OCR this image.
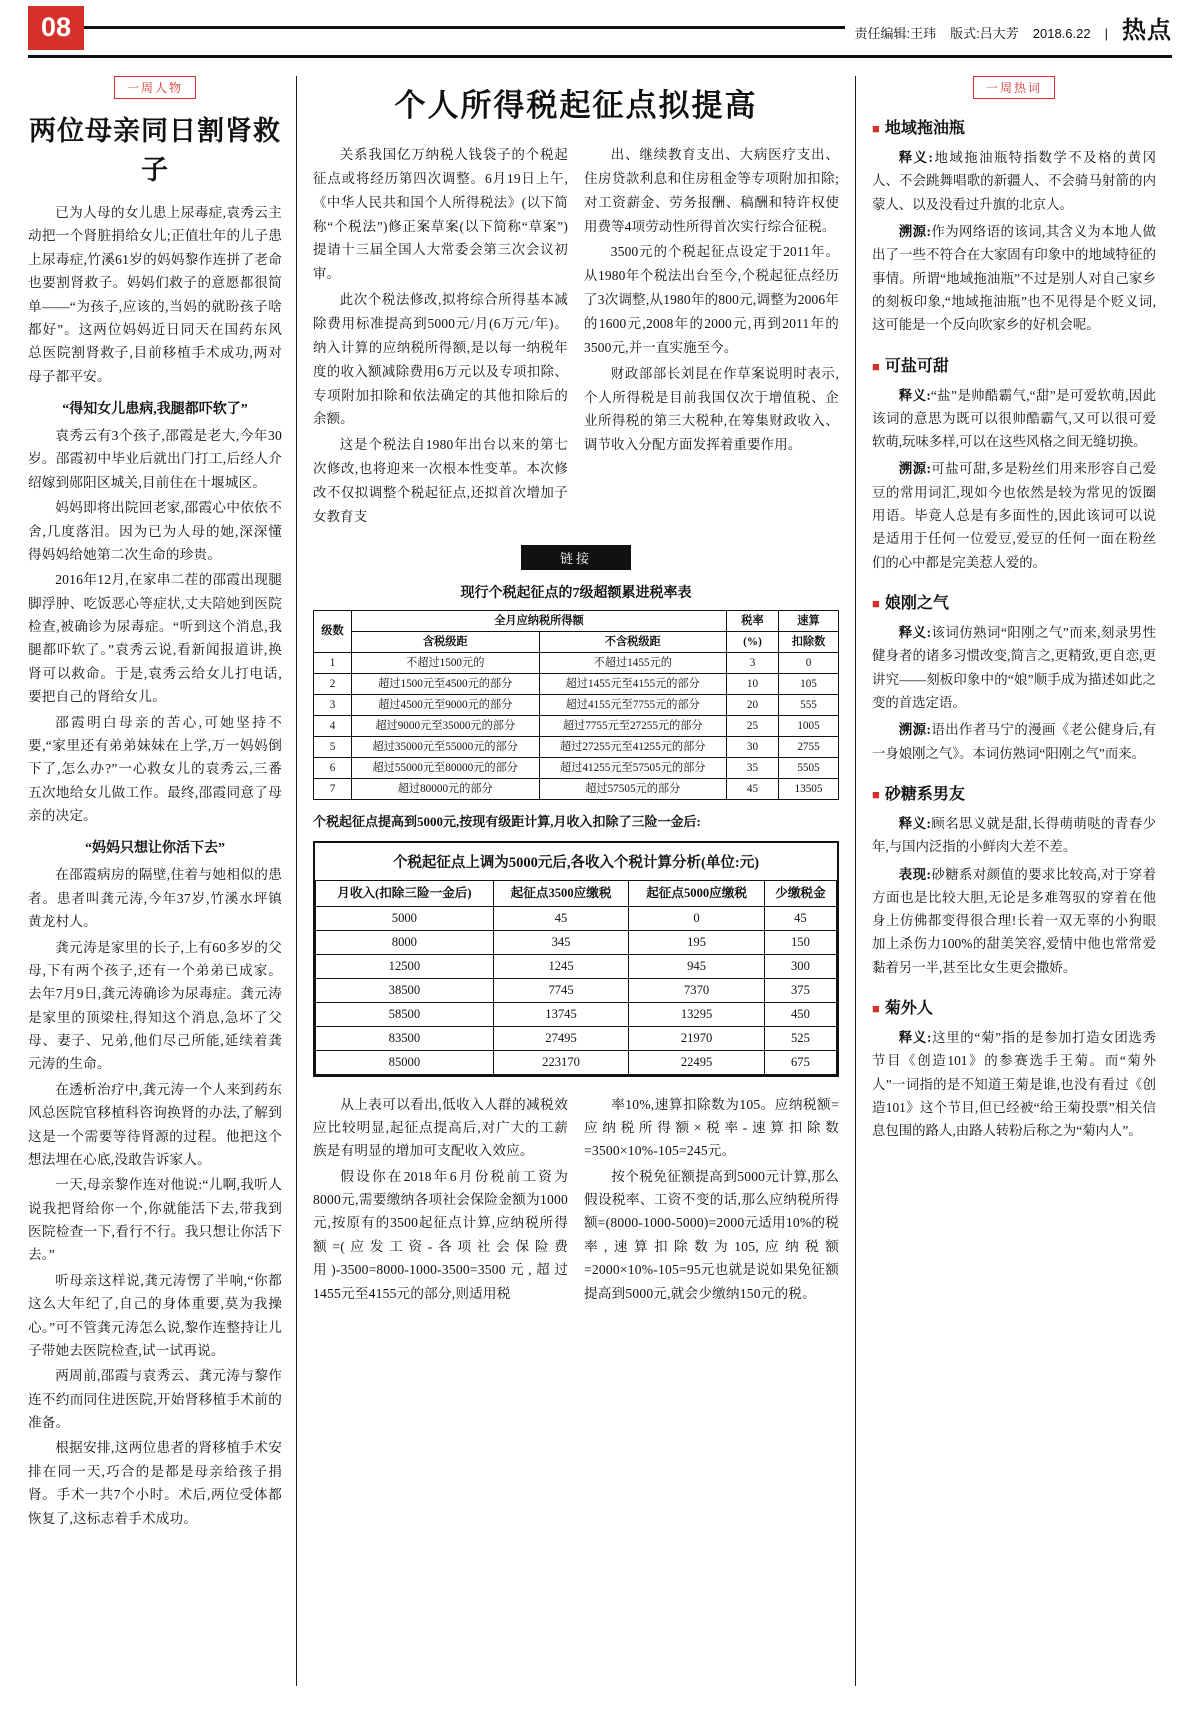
08	责任编辑:王玮 版式:吕大芳 2018.6.22 | 热点
一周人物
两位母亲同日割肾救子

已为人母的女儿患上尿毒症,袁秀云主动把一个肾脏捐给女儿;正值壮年的儿子患上尿毒症,竹溪61岁的妈妈黎作连拼了老命也要割肾救子。妈妈们救子的意愿都很简单——“为孩子,应该的,当妈的就盼孩子啥都好”。这两位妈妈近日同天在国药东风总医院割肾救子,目前移植手术成功,两对母子都平安。

“得知女儿患病,我腿都吓软了”

袁秀云有3个孩子,邵霞是老大,今年30岁。邵霞初中毕业后就出门打工,后经人介绍嫁到郧阳区城关,目前住在十堰城区。

妈妈即将出院回老家,邵霞心中依依不舍,几度落泪。因为已为人母的她,深深懂得妈妈给她第二次生命的珍贵。

2016年12月,在家串二茬的邵霞出现腿脚浮肿、吃饭恶心等症状,丈夫陪她到医院检查,被确诊为尿毒症。“听到这个消息,我腿都吓软了。”袁秀云说,看新闻报道讲,换肾可以救命。于是,袁秀云给女儿打电话,要把自己的肾给女儿。

邵霞明白母亲的苦心,可她坚持不要,“家里还有弟弟妹妹在上学,万一妈妈倒下了,怎么办?”一心救女儿的袁秀云,三番五次地给女儿做工作。最终,邵霞同意了母亲的决定。

“妈妈只想让你活下去”

在邵霞病房的隔壁,住着与她相似的患者。患者叫龚元涛,今年37岁,竹溪水坪镇黄龙村人。

龚元涛是家里的长子,上有60多岁的父母,下有两个孩子,还有一个弟弟已成家。去年7月9日,龚元涛确诊为尿毒症。龚元涛是家里的顶梁柱,得知这个消息,急坏了父母、妻子、兄弟,他们尽己所能,延续着龚元涛的生命。

在透析治疗中,龚元涛一个人来到药东风总医院官移植科咨询换肾的办法,了解到这是一个需要等待肾源的过程。他把这个想法埋在心底,没敢告诉家人。

一天,母亲黎作连对他说:“儿啊,我听人说我把肾给你一个,你就能活下去,带我到医院检查一下,看行不行。我只想让你活下去。”

听母亲这样说,龚元涛愣了半响,“你都这么大年纪了,自己的身体重要,莫为我操心。”可不管龚元涛怎么说,黎作连整持让儿子带她去医院检查,试一试再说。

两周前,邵霞与袁秀云、龚元涛与黎作连不约而同住进医院,开始肾移植手术前的准备。

根据安排,这两位患者的肾移植手术安排在同一天,巧合的是都是母亲给孩子捐肾。手术一共7个小时。术后,两位受体都恢复了,这标志着手术成功。

个人所得税起征点拟提高

关系我国亿万纳税人钱袋子的个税起征点或将经历第四次调整。6月19日上午,《中华人民共和国个人所得税法》(以下简称“个税法”)修正案草案(以下简称“草案”)提请十三届全国人大常委会第三次会议初审。

此次个税法修改,拟将综合所得基本减除费用标准提高到5000元/月(6万元/年)。纳入计算的应纳税所得额,是以每一纳税年度的收入额减除费用6万元以及专项扣除、专项附加扣除和依法确定的其他扣除后的余额。

这是个税法自1980年出台以来的第七次修改,也将迎来一次根本性变革。本次修改不仅拟调整个税起征点,还拟首次增加子女教育支

出、继续教育支出、大病医疗支出、住房贷款利息和住房租金等专项附加扣除;对工资薪金、劳务报酬、稿酬和特许权使用费等4项劳动性所得首次实行综合征税。

3500元的个税起征点设定于2011年。从1980年个税法出台至今,个税起征点经历了3次调整,从1980年的800元,调整为2006年的1600元,2008年的2000元,再到2011年的3500元,并一直实施至今。

财政部部长刘昆在作草案说明时表示,个人所得税是目前我国仅次于增值税、企业所得税的第三大税种,在筹集财政收入、调节收入分配方面发挥着重要作用。

链接
现行个税起征点的7级超额累进税率表
级数	全月应纳税所得额		税率	速算
	含税级距	不含税级距	(%)	扣除数
1	不超过1500元的	不超过1455元的	3	0
2	超过1500元至4500元的部分	超过1455元至4155元的部分	10	105
3	超过4500元至9000元的部分	超过4155元至7755元的部分	20	555
4	超过9000元至35000元的部分	超过7755元至27255元的部分	25	1005
5	超过35000元至55000元的部分	超过27255元至41255元的部分	30	2755
6	超过55000元至80000元的部分	超过41255元至57505元的部分	35	5505
7	超过80000元的部分	超过57505元的部分	45	13505
个税起征点提高到5000元,按现有级距计算,月收入扣除了三险一金后:
个税起征点上调为5000元后,各收入个税计算分析(单位:元)
月收入(扣除三险一金后)	起征点3500应缴税	起征点5000应缴税	少缴税金
5000	45	0	45
8000	345	195	150
12500	1245	945	300
38500	7745	7370	375
58500	13745	13295	450
83500	27495	21970	525
85000	223170	22495	675

从上表可以看出,低收入人群的减税效应比较明显,起征点提高后,对广大的工薪族是有明显的增加可支配收入效应。

假设你在2018年6月份税前工资为8000元,需要缴纳各项社会保险金额为1000元,按原有的3500起征点计算,应纳税所得额=(应发工资-各项社会保险费用)-3500=8000-1000-3500=3500元,超过1455元至4155元的部分,则适用税

率10%,速算扣除数为105。应纳税额=应纳税所得额×税率-速算扣除数=3500×10%-105=245元。

按个税免征额提高到5000元计算,那么假设税率、工资不变的话,那么应纳税所得额=(8000-1000-5000)=2000元适用10%的税率,速算扣除数为105,应纳税额=2000×10%-105=95元也就是说如果免征额提高到5000元,就会少缴纳150元的税。

一周热词
■ 地域拖油瓶

释义:地域拖油瓶特指数学不及格的黄冈人、不会跳舞唱歌的新疆人、不会骑马射箭的内蒙人、以及没看过升旗的北京人。

溯源:作为网络语的该词,其含义为本地人做出了一些不符合在大家固有印象中的地域特征的事情。所谓“地域拖油瓶”不过是别人对自己家乡的刻板印象,“地域拖油瓶”也不见得是个贬义词,这可能是一个反向吹家乡的好机会呢。

■ 可盐可甜

释义:“盐”是帅酷霸气,“甜”是可爱软萌,因此该词的意思为既可以很帅酷霸气,又可以很可爱软萌,玩味多样,可以在这些风格之间无缝切换。

溯源:可盐可甜,多是粉丝们用来形容自己爱豆的常用词汇,现如今也依然是较为常见的饭圈用语。毕竟人总是有多面性的,因此该词可以说是适用于任何一位爱豆,爱豆的任何一面在粉丝们的心中都是完美惹人爱的。

■ 娘刚之气

释义:该词仿熟词“阳刚之气”而来,刻录男性健身者的诸多习惯改变,简言之,更精致,更自恋,更讲究——刻板印象中的“娘”顺手成为描述如此之变的首选定语。

溯源:语出作者马宁的漫画《老公健身后,有一身娘刚之气》。本词仿熟词“阳刚之气”而来。

■ 砂糖系男友

释义:顾名思义就是甜,长得萌萌哒的青春少年,与国内泛指的小鲜肉大差不差。

表现:砂糖系对颜值的要求比较高,对于穿着方面也是比较大胆,无论是多难驾驭的穿着在他身上仿佛都变得很合理!长着一双无辜的小狗眼加上杀伤力100%的甜美笑容,爱情中他也常常爱黏着另一半,甚至比女生更会撒娇。

■ 菊外人

释义:这里的“菊”指的是参加打造女团选秀节目《创造101》的参赛选手王菊。而“菊外人”一词指的是不知道王菊是谁,也没有看过《创造101》这个节目,但已经被“给王菊投票”相关信息包围的路人,由路人转粉后称之为“菊内人”。
